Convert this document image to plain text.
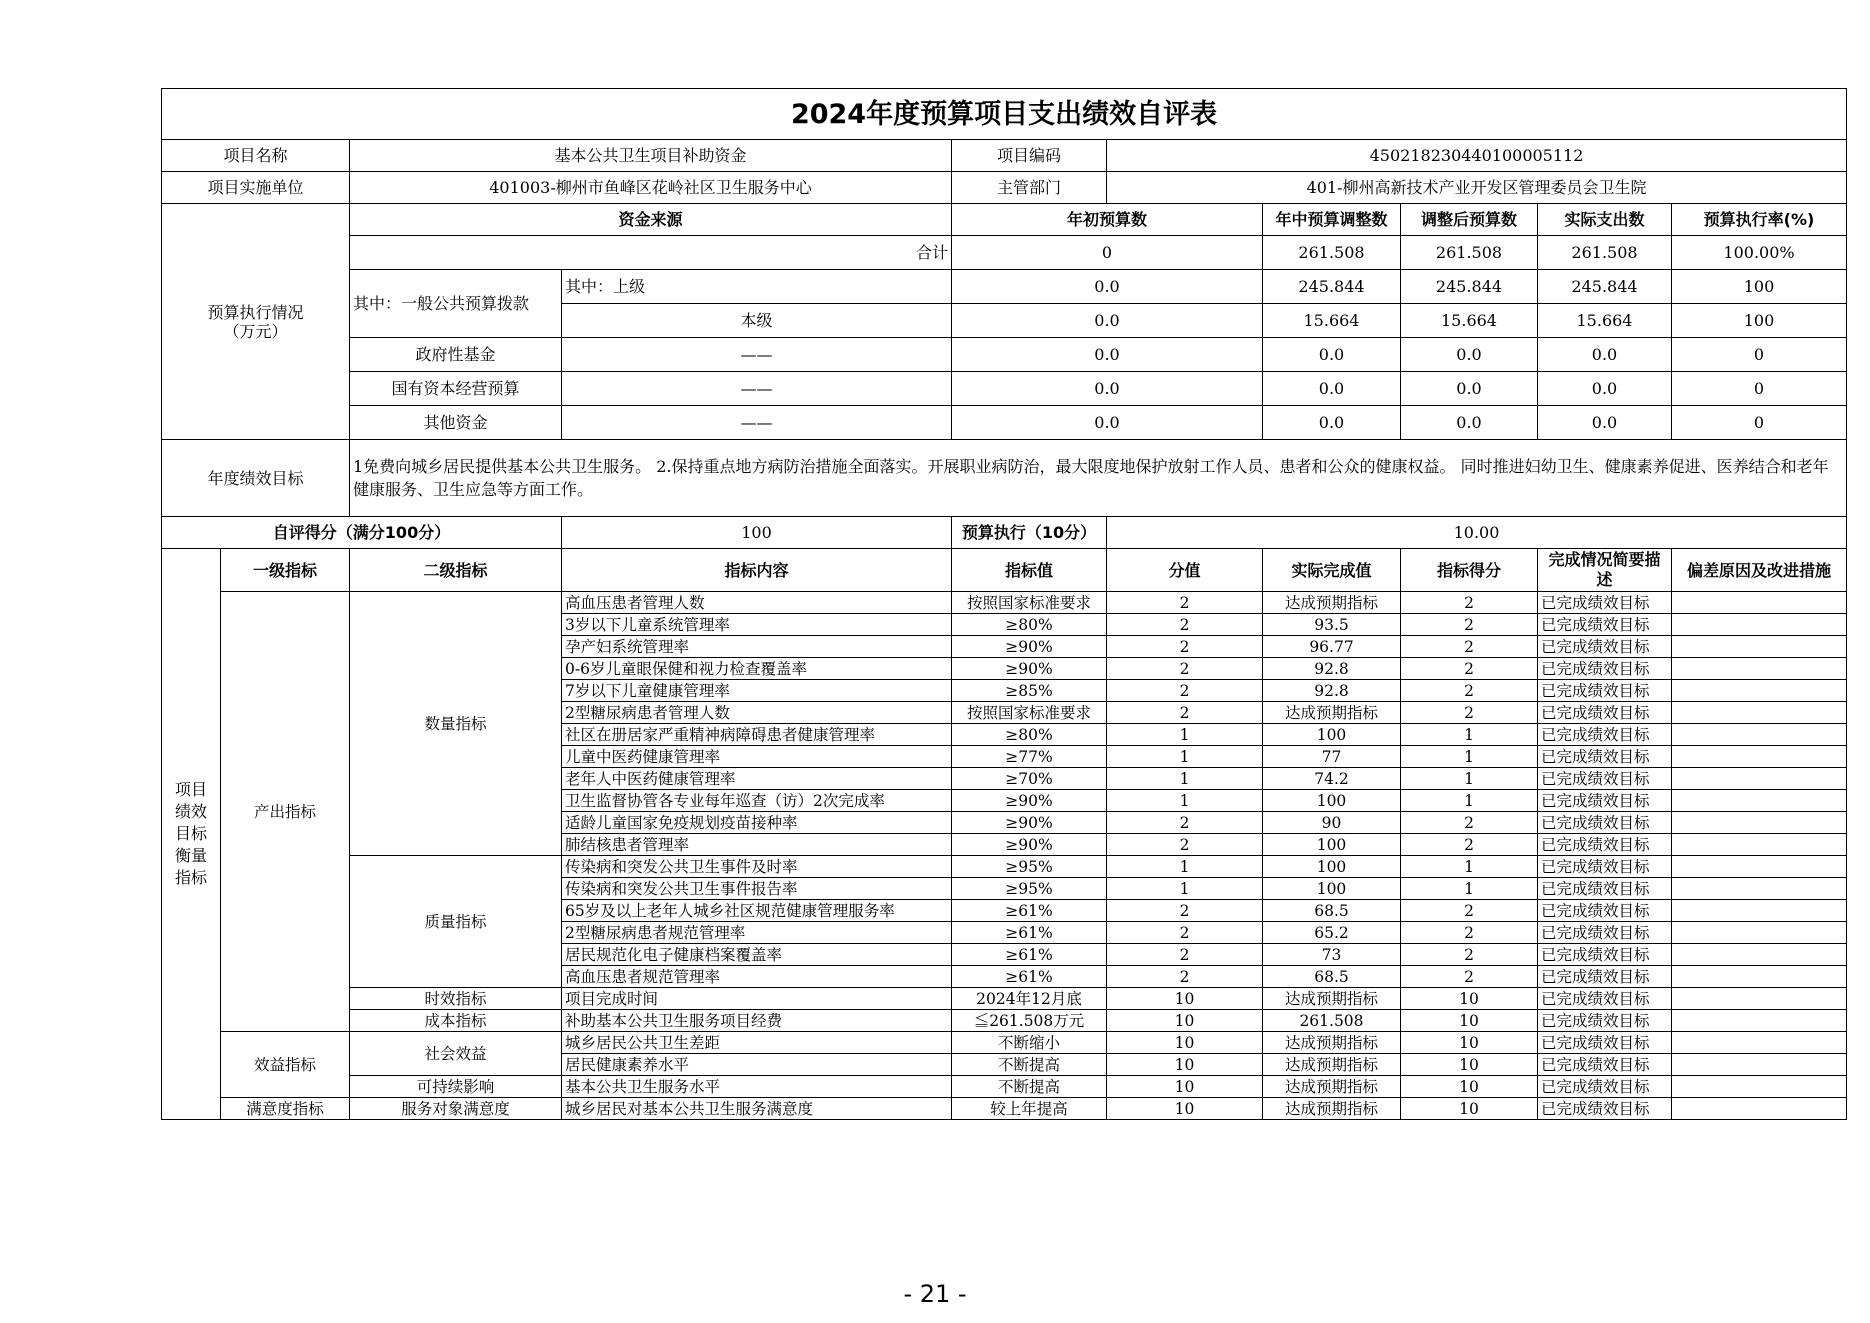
2024年度预算项目支出绩效自评表									
项目名称		基本公共卫生项目补助资金		项目编码	450218230440100005112				
项目实施单位		401003-柳州市鱼峰区花岭社区卫生服务中心		主管部门	401-柳州高新技术产业开发区管理委员会卫生院				
预算执行情况（万元）		资金来源		年初预算数		年中预算调整数	调整后预算数	实际支出数	预算执行率(%)
		合计		0		261.508	261.508	261.508	100.00%
		其中：一般公共预算拨款	其中：上级	0.0		245.844	245.844	245.844	100
			本级	0.0		15.664	15.664	15.664	100
		政府性基金	——	0.0		0.0	0.0	0.0	0
		国有资本经营预算	——	0.0		0.0	0.0	0.0	0
		其他资金	——	0.0		0.0	0.0	0.0	0
年度绩效目标		1免费向城乡居民提供基本公共卫生服务。 2.保持重点地方病防治措施全面落实。开展职业病防治，最大限度地保护放射工作人员、患者和公众的健康权益。 同时推进妇幼卫生、健康素养促进、医养结合和老年健康服务、卫生应急等方面工作。							
自评得分（满分100分）			100	预算执行（10分）	10.00				
项目绩效目标衡量指标	一级指标	二级指标	指标内容	指标值	分值	实际完成值	指标得分	完成情况简要描述	偏差原因及改进措施
	产出指标	数量指标	高血压患者管理人数	按照国家标准要求	2	达成预期指标	2	已完成绩效目标	
			3岁以下儿童系统管理率	≥80%	2	93.5	2	已完成绩效目标	
			孕产妇系统管理率	≥90%	2	96.77	2	已完成绩效目标	
			0-6岁儿童眼保健和视力检查覆盖率	≥90%	2	92.8	2	已完成绩效目标	
			7岁以下儿童健康管理率	≥85%	2	92.8	2	已完成绩效目标	
			2型糖尿病患者管理人数	按照国家标准要求	2	达成预期指标	2	已完成绩效目标	
			社区在册居家严重精神病障碍患者健康管理率	≥80%	1	100	1	已完成绩效目标	
			儿童中医药健康管理率	≥77%	1	77	1	已完成绩效目标	
			老年人中医药健康管理率	≥70%	1	74.2	1	已完成绩效目标	
			卫生监督协管各专业每年巡查（访）2次完成率	≥90%	1	100	1	已完成绩效目标	
			适龄儿童国家免疫规划疫苗接种率	≥90%	2	90	2	已完成绩效目标	
			肺结核患者管理率	≥90%	2	100	2	已完成绩效目标	
		质量指标	传染病和突发公共卫生事件及时率	≥95%	1	100	1	已完成绩效目标	
			传染病和突发公共卫生事件报告率	≥95%	1	100	1	已完成绩效目标	
			65岁及以上老年人城乡社区规范健康管理服务率	≥61%	2	68.5	2	已完成绩效目标	
			2型糖尿病患者规范管理率	≥61%	2	65.2	2	已完成绩效目标	
			居民规范化电子健康档案覆盖率	≥61%	2	73	2	已完成绩效目标	
			高血压患者规范管理率	≥61%	2	68.5	2	已完成绩效目标	
		时效指标	项目完成时间	2024年12月底	10	达成预期指标	10	已完成绩效目标	
		成本指标	补助基本公共卫生服务项目经费	≦261.508万元	10	261.508	10	已完成绩效目标	
	效益指标	社会效益	城乡居民公共卫生差距	不断缩小	10	达成预期指标	10	已完成绩效目标	
			居民健康素养水平	不断提高	10	达成预期指标	10	已完成绩效目标	
		可持续影响	基本公共卫生服务水平	不断提高	10	达成预期指标	10	已完成绩效目标	
	满意度指标	服务对象满意度	城乡居民对基本公共卫生服务满意度	较上年提高	10	达成预期指标	10	已完成绩效目标	
- 21 -
